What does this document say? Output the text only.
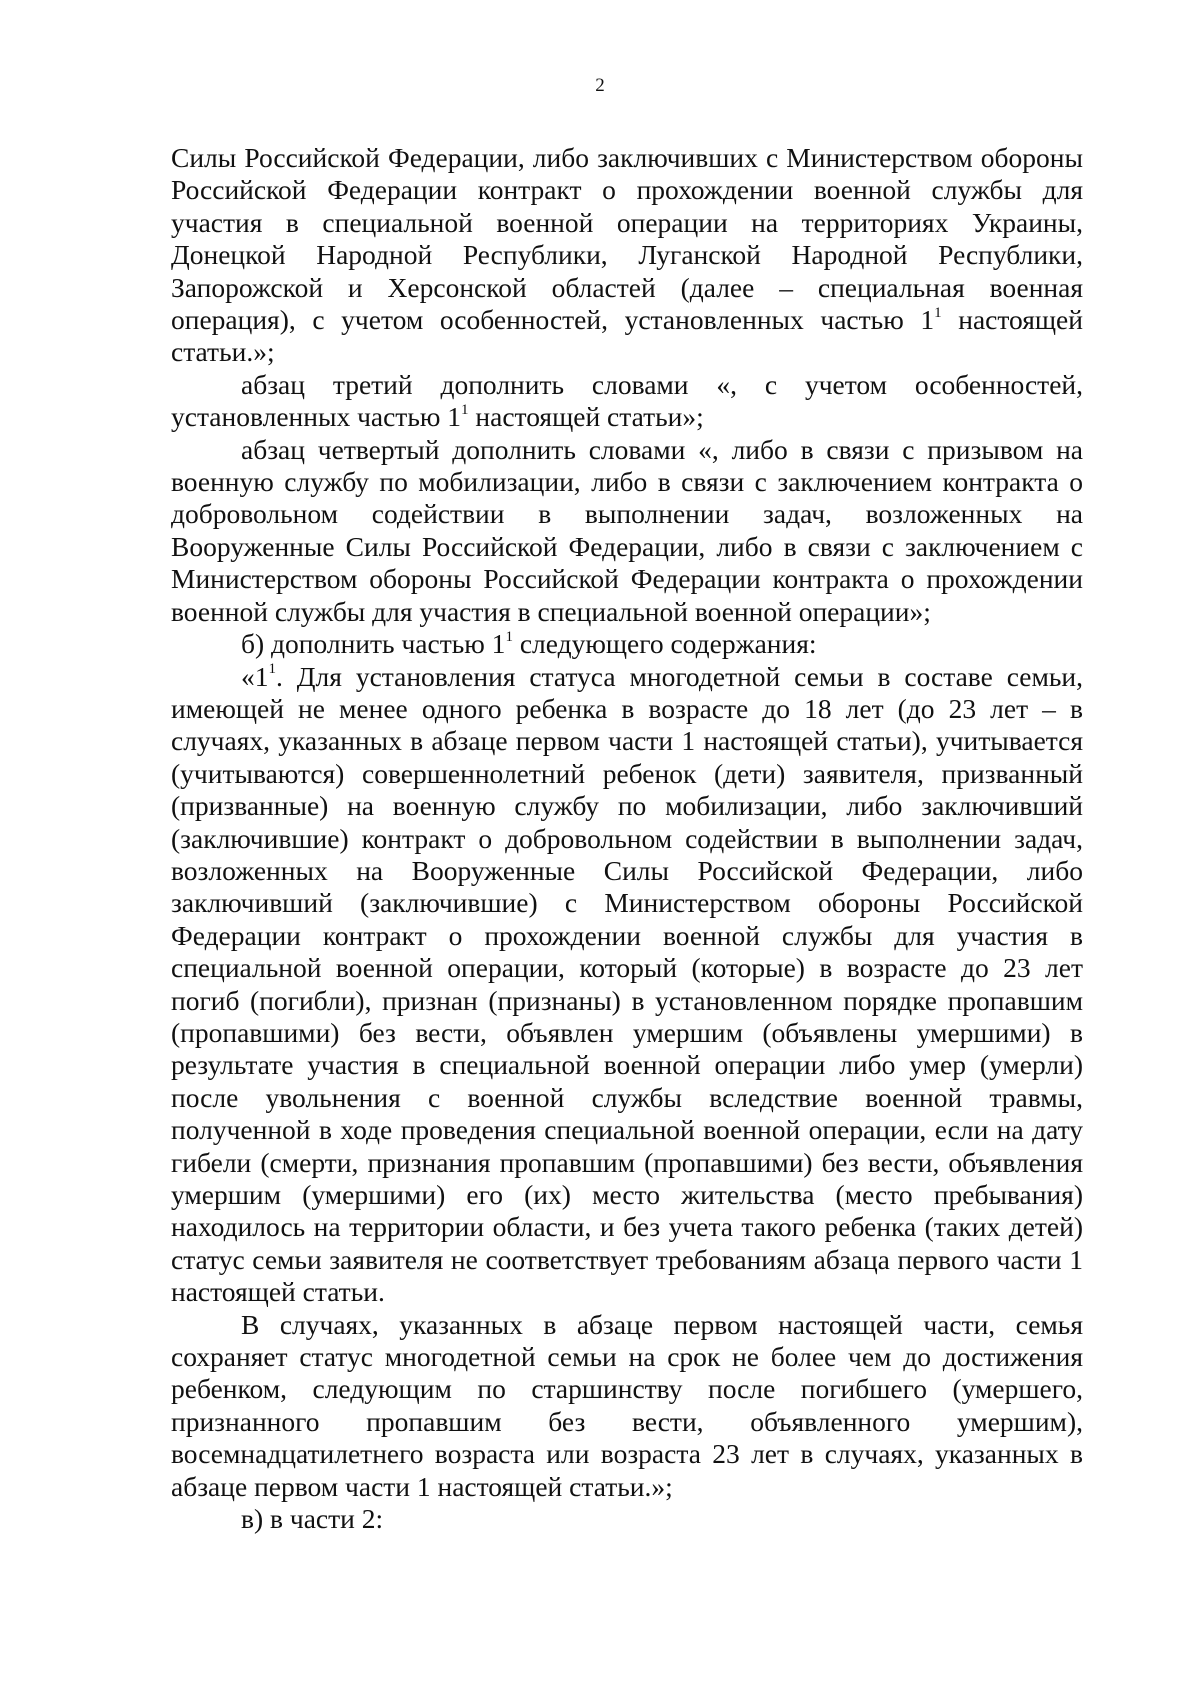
2

Силы Российской Федерации, либо заключивших с Министерством обороны Российской Федерации контракт о прохождении военной службы для участия в специальной военной операции на территориях Украины, Донецкой Народной Республики, Луганской Народной Республики, Запорожской и Херсонской областей (далее – специальная военная операция), с учетом особенностей, установленных частью $1^1$ настоящей статьи.»;

абзац третий дополнить словами «, с учетом особенностей, установленных частью $1^1$ настоящей статьи»;

абзац четвертый дополнить словами «, либо в связи с призывом на военную службу по мобилизации, либо в связи с заключением контракта о добровольном содействии в выполнении задач, возложенных на Вооруженные Силы Российской Федерации, либо в связи с заключением с Министерством обороны Российской Федерации контракта о прохождении военной службы для участия в специальной военной операции»;

б) дополнить частью $1^1$ следующего содержания:

«$1^1$. Для установления статуса многодетной семьи в составе семьи, имеющей не менее одного ребенка в возрасте до 18 лет (до 23 лет – в случаях, указанных в абзаце первом части 1 настоящей статьи), учитывается (учитываются) совершеннолетний ребенок (дети) заявителя, призванный (призванные) на военную службу по мобилизации, либо заключивший (заключившие) контракт о добровольном содействии в выполнении задач, возложенных на Вооруженные Силы Российской Федерации, либо заключивший (заключившие) с Министерством обороны Российской Федерации контракт о прохождении военной службы для участия в специальной военной операции, который (которые) в возрасте до 23 лет погиб (погибли), признан (признаны) в установленном порядке пропавшим (пропавшими) без вести, объявлен умершим (объявлены умершими) в результате участия в специальной военной операции либо умер (умерли) после увольнения с военной службы вследствие военной травмы, полученной в ходе проведения специальной военной операции, если на дату гибели (смерти, признания пропавшим (пропавшими) без вести, объявления умершим (умершими) его (их) место жительства (место пребывания) находилось на территории области, и без учета такого ребенка (таких детей) статус семьи заявителя не соответствует требованиям абзаца первого части 1 настоящей статьи.

В случаях, указанных в абзаце первом настоящей части, семья сохраняет статус многодетной семьи на срок не более чем до достижения ребенком, следующим по старшинству после погибшего (умершего, признанного пропавшим без вести, объявленного умершим), восемнадцатилетнего возраста или возраста 23 лет в случаях, указанных в абзаце первом части 1 настоящей статьи.»;

в) в части 2:
